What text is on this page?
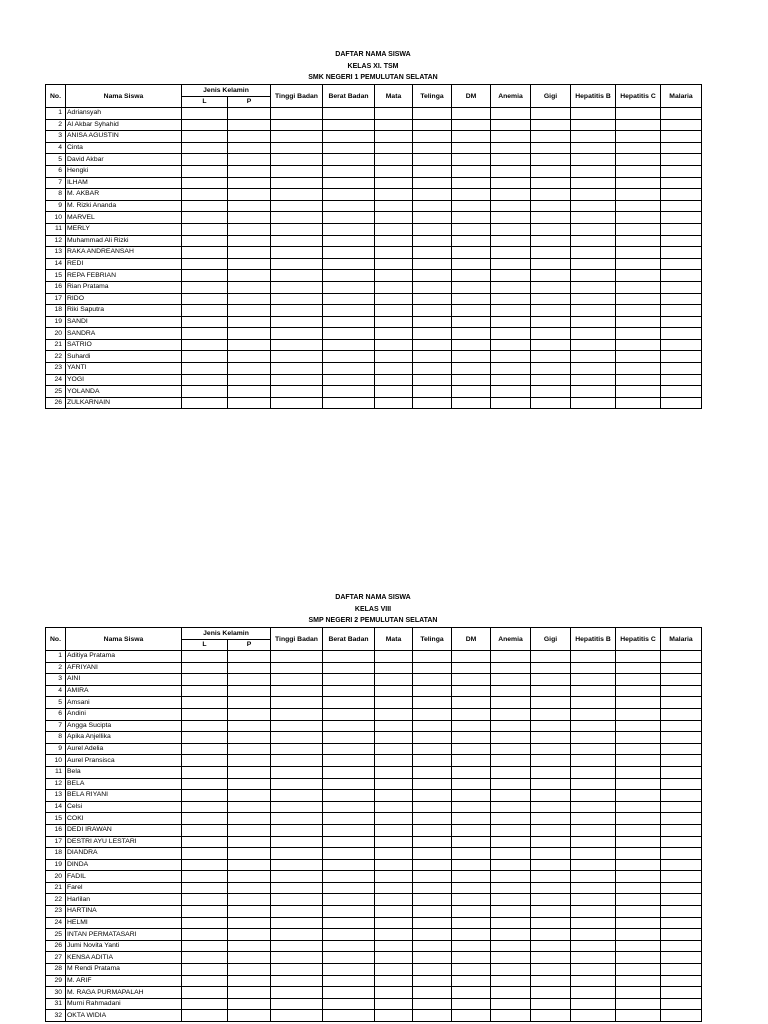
DAFTAR NAMA SISWA
KELAS XI. TSM
SMK NEGERI 1 PEMULUTAN SELATAN
No.	Nama Siswa	Jenis Kelamin		Tinggi Badan	Berat Badan	Mata	Telinga	DM	Anemia	Gigi	Hepatitis B	Hepatitis C	Malaria
		L	P										
1	Adriansyah												
2	Al Akbar Syhahid												
3	ANISA AGUSTIN												
4	Cinta												
5	David Akbar												
6	Hengki												
7	ILHAM												
8	M. AKBAR												
9	M. Rizki Ananda												
10	MARVEL												
11	MERLY												
12	Muhammad Ali Rizki												
13	RAKA ANDREANSAH												
14	REDI												
15	REPA FEBRIAN												
16	Rian Pratama												
17	RIDO												
18	Riki Saputra												
19	SANDI												
20	SANDRA												
21	SATRIO												
22	Suhardi												
23	YANTI												
24	YOGI												
25	YOLANDA												
26	ZULKARNAIN												
DAFTAR NAMA SISWA
KELAS VIII
SMP NEGERI 2 PEMULUTAN SELATAN
No.	Nama Siswa	Jenis Kelamin		Tinggi Badan	Berat Badan	Mata	Telinga	DM	Anemia	Gigi	Hepatitis B	Hepatitis C	Malaria
		L	P										
1	Aditiya Pratama												
2	AFRIYANI												
3	AINI												
4	AMIRA												
5	Amsani												
6	Andini												
7	Angga Sucipta												
8	Apika Anjellika												
9	Aurel Adelia												
10	Aurel Pransisca												
11	Bela												
12	BELA												
13	BELA RIYANI												
14	Celsi												
15	COKI												
16	DEDI IRAWAN												
17	DESTRI AYU LESTARI												
18	DIANDRA												
19	DINDA												
20	FADIL												
21	Farel												
22	Harlilan												
23	HARTINA												
24	HELMI												
25	INTAN PERMATASARI												
26	Jumi Novita Yanti												
27	KENSA ADITIA												
28	M Rendi Pratama												
29	M. ARIF												
30	M. RAGA PURMAPALAH												
31	Murni Rahmadani												
32	OKTA WIDIA												
